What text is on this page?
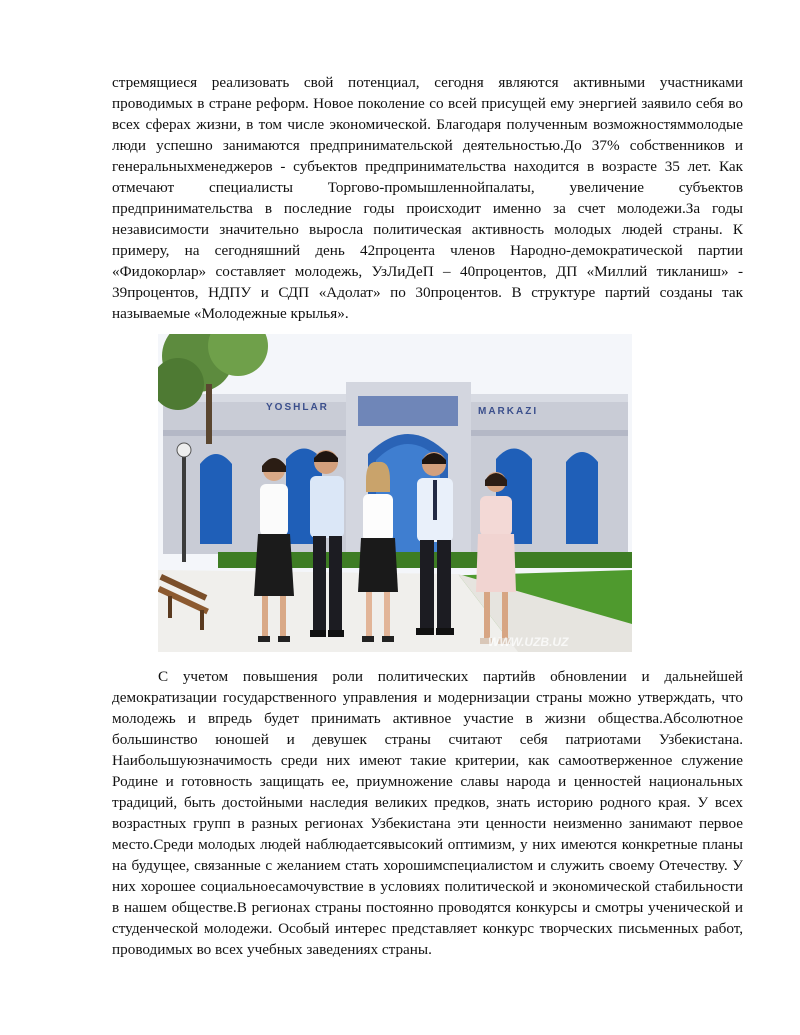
стремящиеся реализовать свой потенциал, сегодня являются активными участниками проводимых в стране реформ. Новое поколение со всей присущей ему энергией заявило себя во всех сферах жизни, в том числе экономической. Благодаря полученным возможностяммолодые люди успешно занимаются предпринимательской деятельностью.До 37% собственников и генеральныхменеджеров - субъектов предпринимательства находится в возрасте 35 лет. Как отмечают специалисты Торгово-промышленнойпалаты, увеличение субъектов предпринимательства в последние годы происходит именно за счет молодежи.За годы независимости значительно выросла политическая активность молодых людей страны. К примеру, на сегодняшний день 42процента членов Народно-демократической партии «Фидокорлар» составляет молодежь, УзЛиДеП – 40процентов, ДП «Миллий тикланиш» - 39процентов, НДПУ и СДП «Адолат» по 30процентов. В структуре партий созданы так называемые «Молодежные крылья».

YOSHLAR	MARKAZI
WWW.UZB.UZ

С учетом повышения роли политических партийв обновлении и дальнейшей демократизации государственного управления и модернизации страны можно утверждать, что молодежь и впредь будет принимать активное участие в жизни общества.Абсолютное большинство юношей и девушек страны считают себя патриотами Узбекистана. Наибольшуюзначимость среди них имеют такие критерии, как самоотверженное служение Родине и готовность защищать ее, приумножение славы народа и ценностей национальных традиций, быть достойными наследия великих предков, знать историю родного края. У всех возрастных групп в разных регионах Узбекистана эти ценности неизменно занимают первое место.Среди молодых людей наблюдаетсявысокий оптимизм, у них имеются конкретные планы на будущее, связанные с желанием стать хорошимспециалистом и служить своему Отечеству. У них хорошее социальноесамочувствие в условиях политической и экономической стабильности в нашем обществе.В регионах страны постоянно проводятся конкурсы и смотры ученической и студенческой молодежи. Особый интерес представляет конкурс творческих письменных работ, проводимых во всех учебных заведениях страны.
